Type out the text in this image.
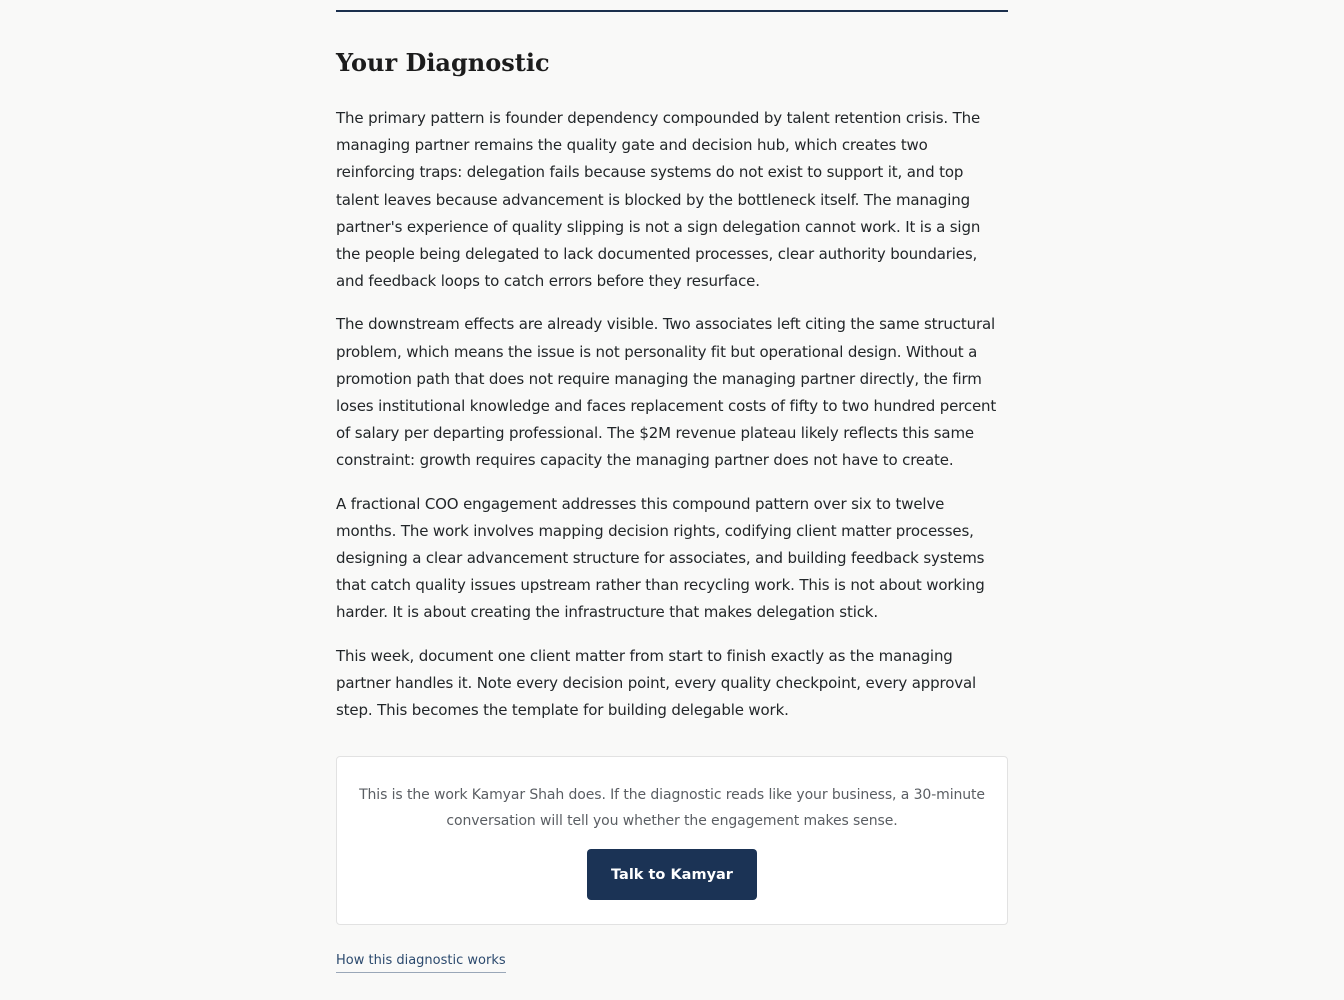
Your Diagnostic

The primary pattern is founder dependency compounded by talent retention crisis. The managing partner remains the quality gate and decision hub, which creates two reinforcing traps: delegation fails because systems do not exist to support it, and top talent leaves because advancement is blocked by the bottleneck itself. The managing partner's experience of quality slipping is not a sign delegation cannot work. It is a sign the people being delegated to lack documented processes, clear authority boundaries, and feedback loops to catch errors before they resurface.

The downstream effects are already visible. Two associates left citing the same structural problem, which means the issue is not personality fit but operational design. Without a promotion path that does not require managing the managing partner directly, the firm loses institutional knowledge and faces replacement costs of fifty to two hundred percent of salary per departing professional. The $2M revenue plateau likely reflects this same constraint: growth requires capacity the managing partner does not have to create.

A fractional COO engagement addresses this compound pattern over six to twelve months. The work involves mapping decision rights, codifying client matter processes, designing a clear advancement structure for associates, and building feedback systems that catch quality issues upstream rather than recycling work. This is not about working harder. It is about creating the infrastructure that makes delegation stick.

This week, document one client matter from start to finish exactly as the managing partner handles it. Note every decision point, every quality checkpoint, every approval step. This becomes the template for building delegable work.

This is the work Kamyar Shah does. If the diagnostic reads like your business, a 30-minute conversation will tell you whether the engagement makes sense.

Talk to Kamyar
How this diagnostic works
